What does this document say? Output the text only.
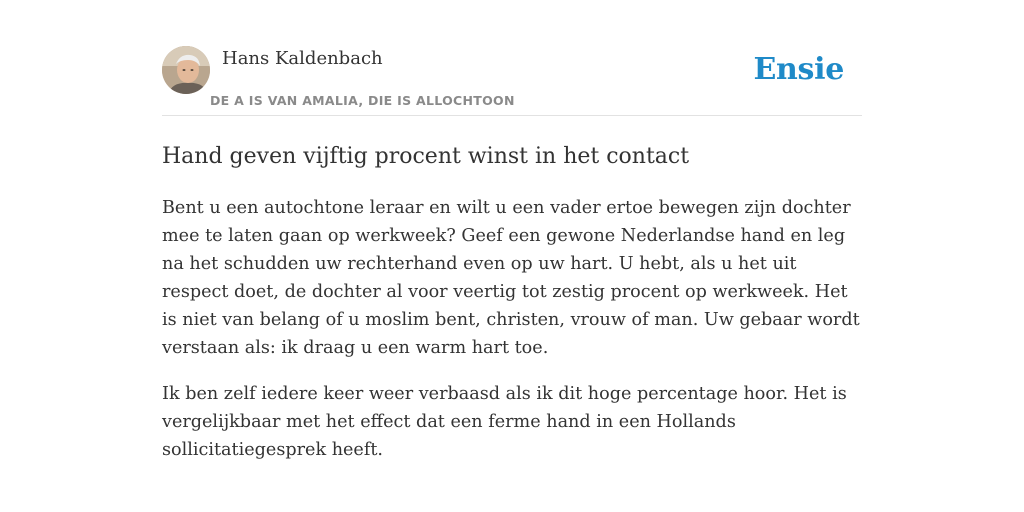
Hans Kaldenbach
DE A IS VAN AMALIA, DIE IS ALLOCHTOON
Ensie
Hand geven vijftig procent winst in het contact

Bent u een autochtone leraar en wilt u een vader ertoe bewegen zijn dochter mee te laten gaan op werkweek? Geef een gewone Nederlandse hand en leg na het schudden uw rechterhand even op uw hart. U hebt, als u het uit respect doet, de dochter al voor veertig tot zestig procent op werkweek. Het is niet van belang of u moslim bent, christen, vrouw of man. Uw gebaar wordt verstaan als: ik draag u een warm hart toe.

Ik ben zelf iedere keer weer verbaasd als ik dit hoge percentage hoor. Het is vergelijkbaar met het effect dat een ferme hand in een Hollands sollicitatiegesprek heeft.
